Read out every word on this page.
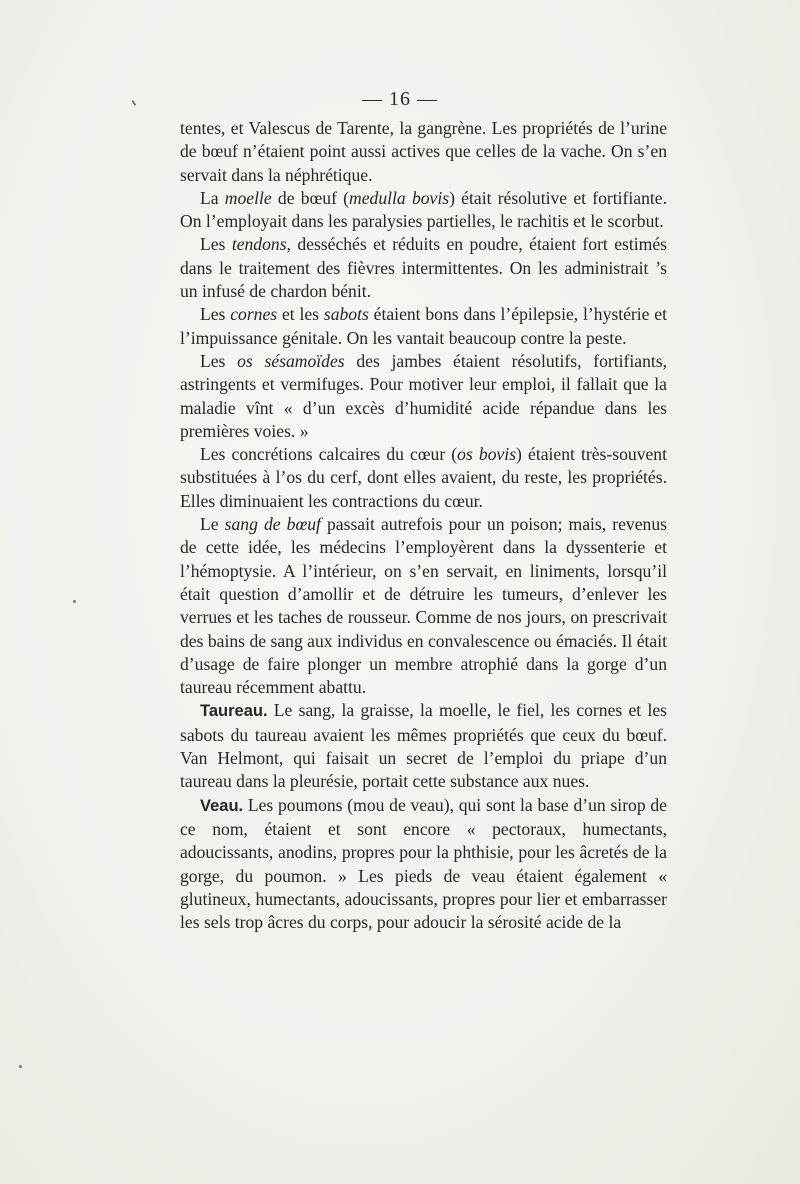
— 16 —

tentes, et Valescus de Tarente, la gangrène. Les propriétés de l’urine de bœuf n’étaient point aussi actives que celles de la vache. On s’en servait dans la néphrétique.

La moelle de bœuf (medulla bovis) était résolutive et fortifiante. On l’employait dans les paralysies partielles, le rachitis et le scorbut.

Les tendons, desséchés et réduits en poudre, étaient fort estimés dans le traitement des fièvres intermittentes. On les administrait ’s un infusé de chardon bénit.

Les cornes et les sabots étaient bons dans l’épilepsie, l’hystérie et l’impuissance génitale. On les vantait beaucoup contre la peste.

Les os sésamoïdes des jambes étaient résolutifs, fortifiants, astringents et vermifuges. Pour motiver leur emploi, il fallait que la maladie vînt « d’un excès d’humidité acide répandue dans les premières voies. »

Les concrétions calcaires du cœur (os bovis) étaient très-souvent substituées à l’os du cerf, dont elles avaient, du reste, les propriétés. Elles diminuaient les contractions du cœur.

Le sang de bœuf passait autrefois pour un poison; mais, revenus de cette idée, les médecins l’employèrent dans la dyssenterie et l’hémoptysie. A l’intérieur, on s’en servait, en liniments, lorsqu’il était question d’amollir et de détruire les tumeurs, d’enlever les verrues et les taches de rousseur. Comme de nos jours, on prescrivait des bains de sang aux individus en convalescence ou émaciés. Il était d’usage de faire plonger un membre atrophié dans la gorge d’un taureau récemment abattu.

Taureau. Le sang, la graisse, la moelle, le fiel, les cornes et les sabots du taureau avaient les mêmes propriétés que ceux du bœuf. Van Helmont, qui faisait un secret de l’emploi du priape d’un taureau dans la pleurésie, portait cette substance aux nues.

Veau. Les poumons (mou de veau), qui sont la base d’un sirop de ce nom, étaient et sont encore « pectoraux, humectants, adoucissants, anodins, propres pour la phthisie, pour les âcretés de la gorge, du poumon. » Les pieds de veau étaient également « glutineux, humectants, adoucissants, propres pour lier et embarrasser les sels trop âcres du corps, pour adoucir la sérosité acide de la
